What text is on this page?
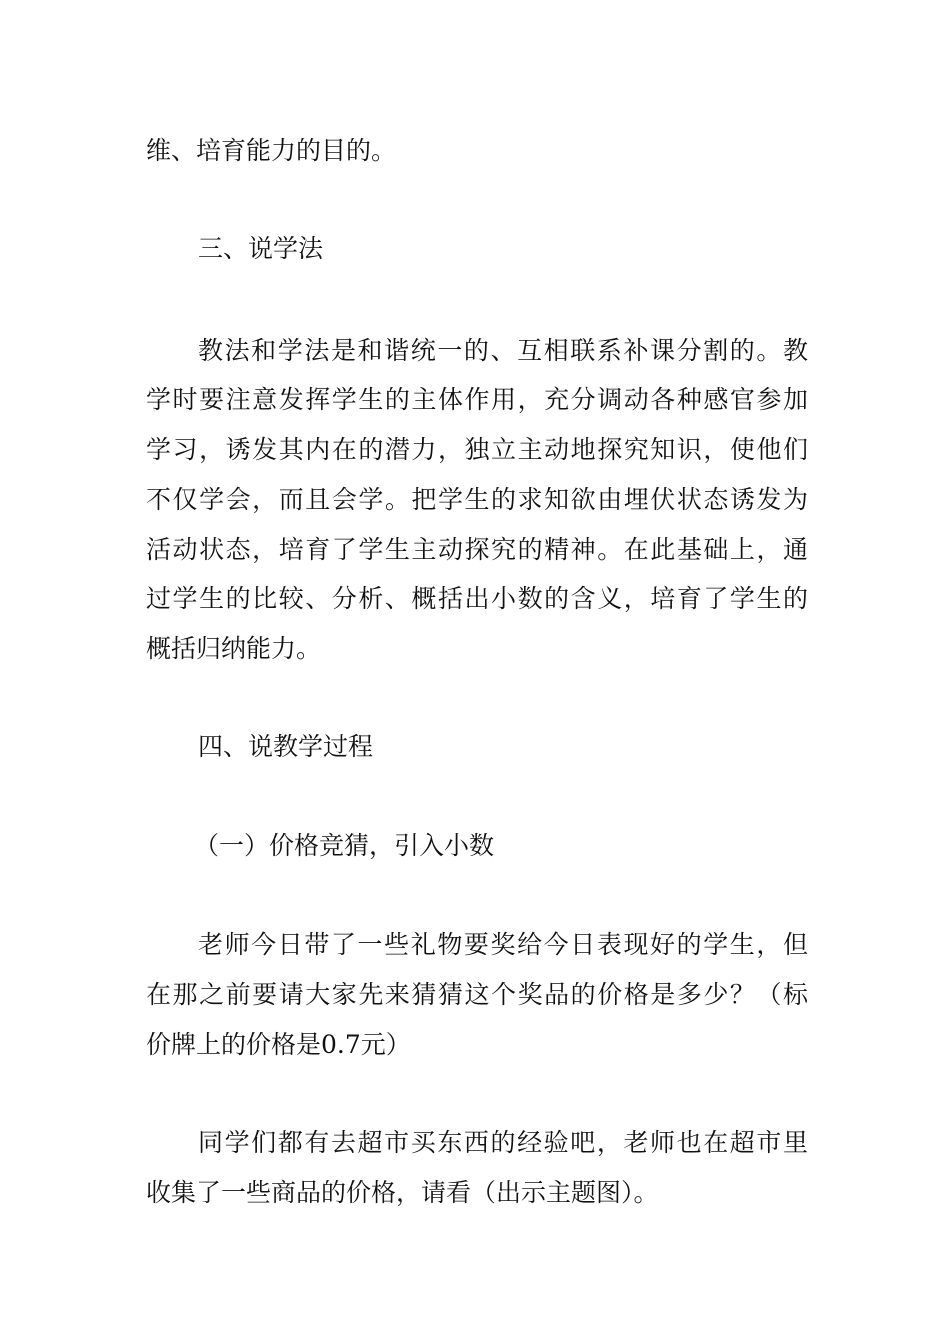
维、培育能力的目的。
三、说学法
教法和学法是和谐统一的、互相联系补课分割的。教
学时要注意发挥学生的主体作用，充分调动各种感官参加
学习，诱发其内在的潜力，独立主动地探究知识，使他们
不仅学会，而且会学。把学生的求知欲由埋伏状态诱发为
活动状态，培育了学生主动探究的精神。在此基础上，通
过学生的比较、分析、概括出小数的含义，培育了学生的
概括归纳能力。
四、说教学过程
（一）价格竞猜，引入小数
老师今日带了一些礼物要奖给今日表现好的学生，但
在那之前要请大家先来猜猜这个奖品的价格是多少？（标
价牌上的价格是0.7元）
同学们都有去超市买东西的经验吧，老师也在超市里
收集了一些商品的价格，请看（出示主题图）。
